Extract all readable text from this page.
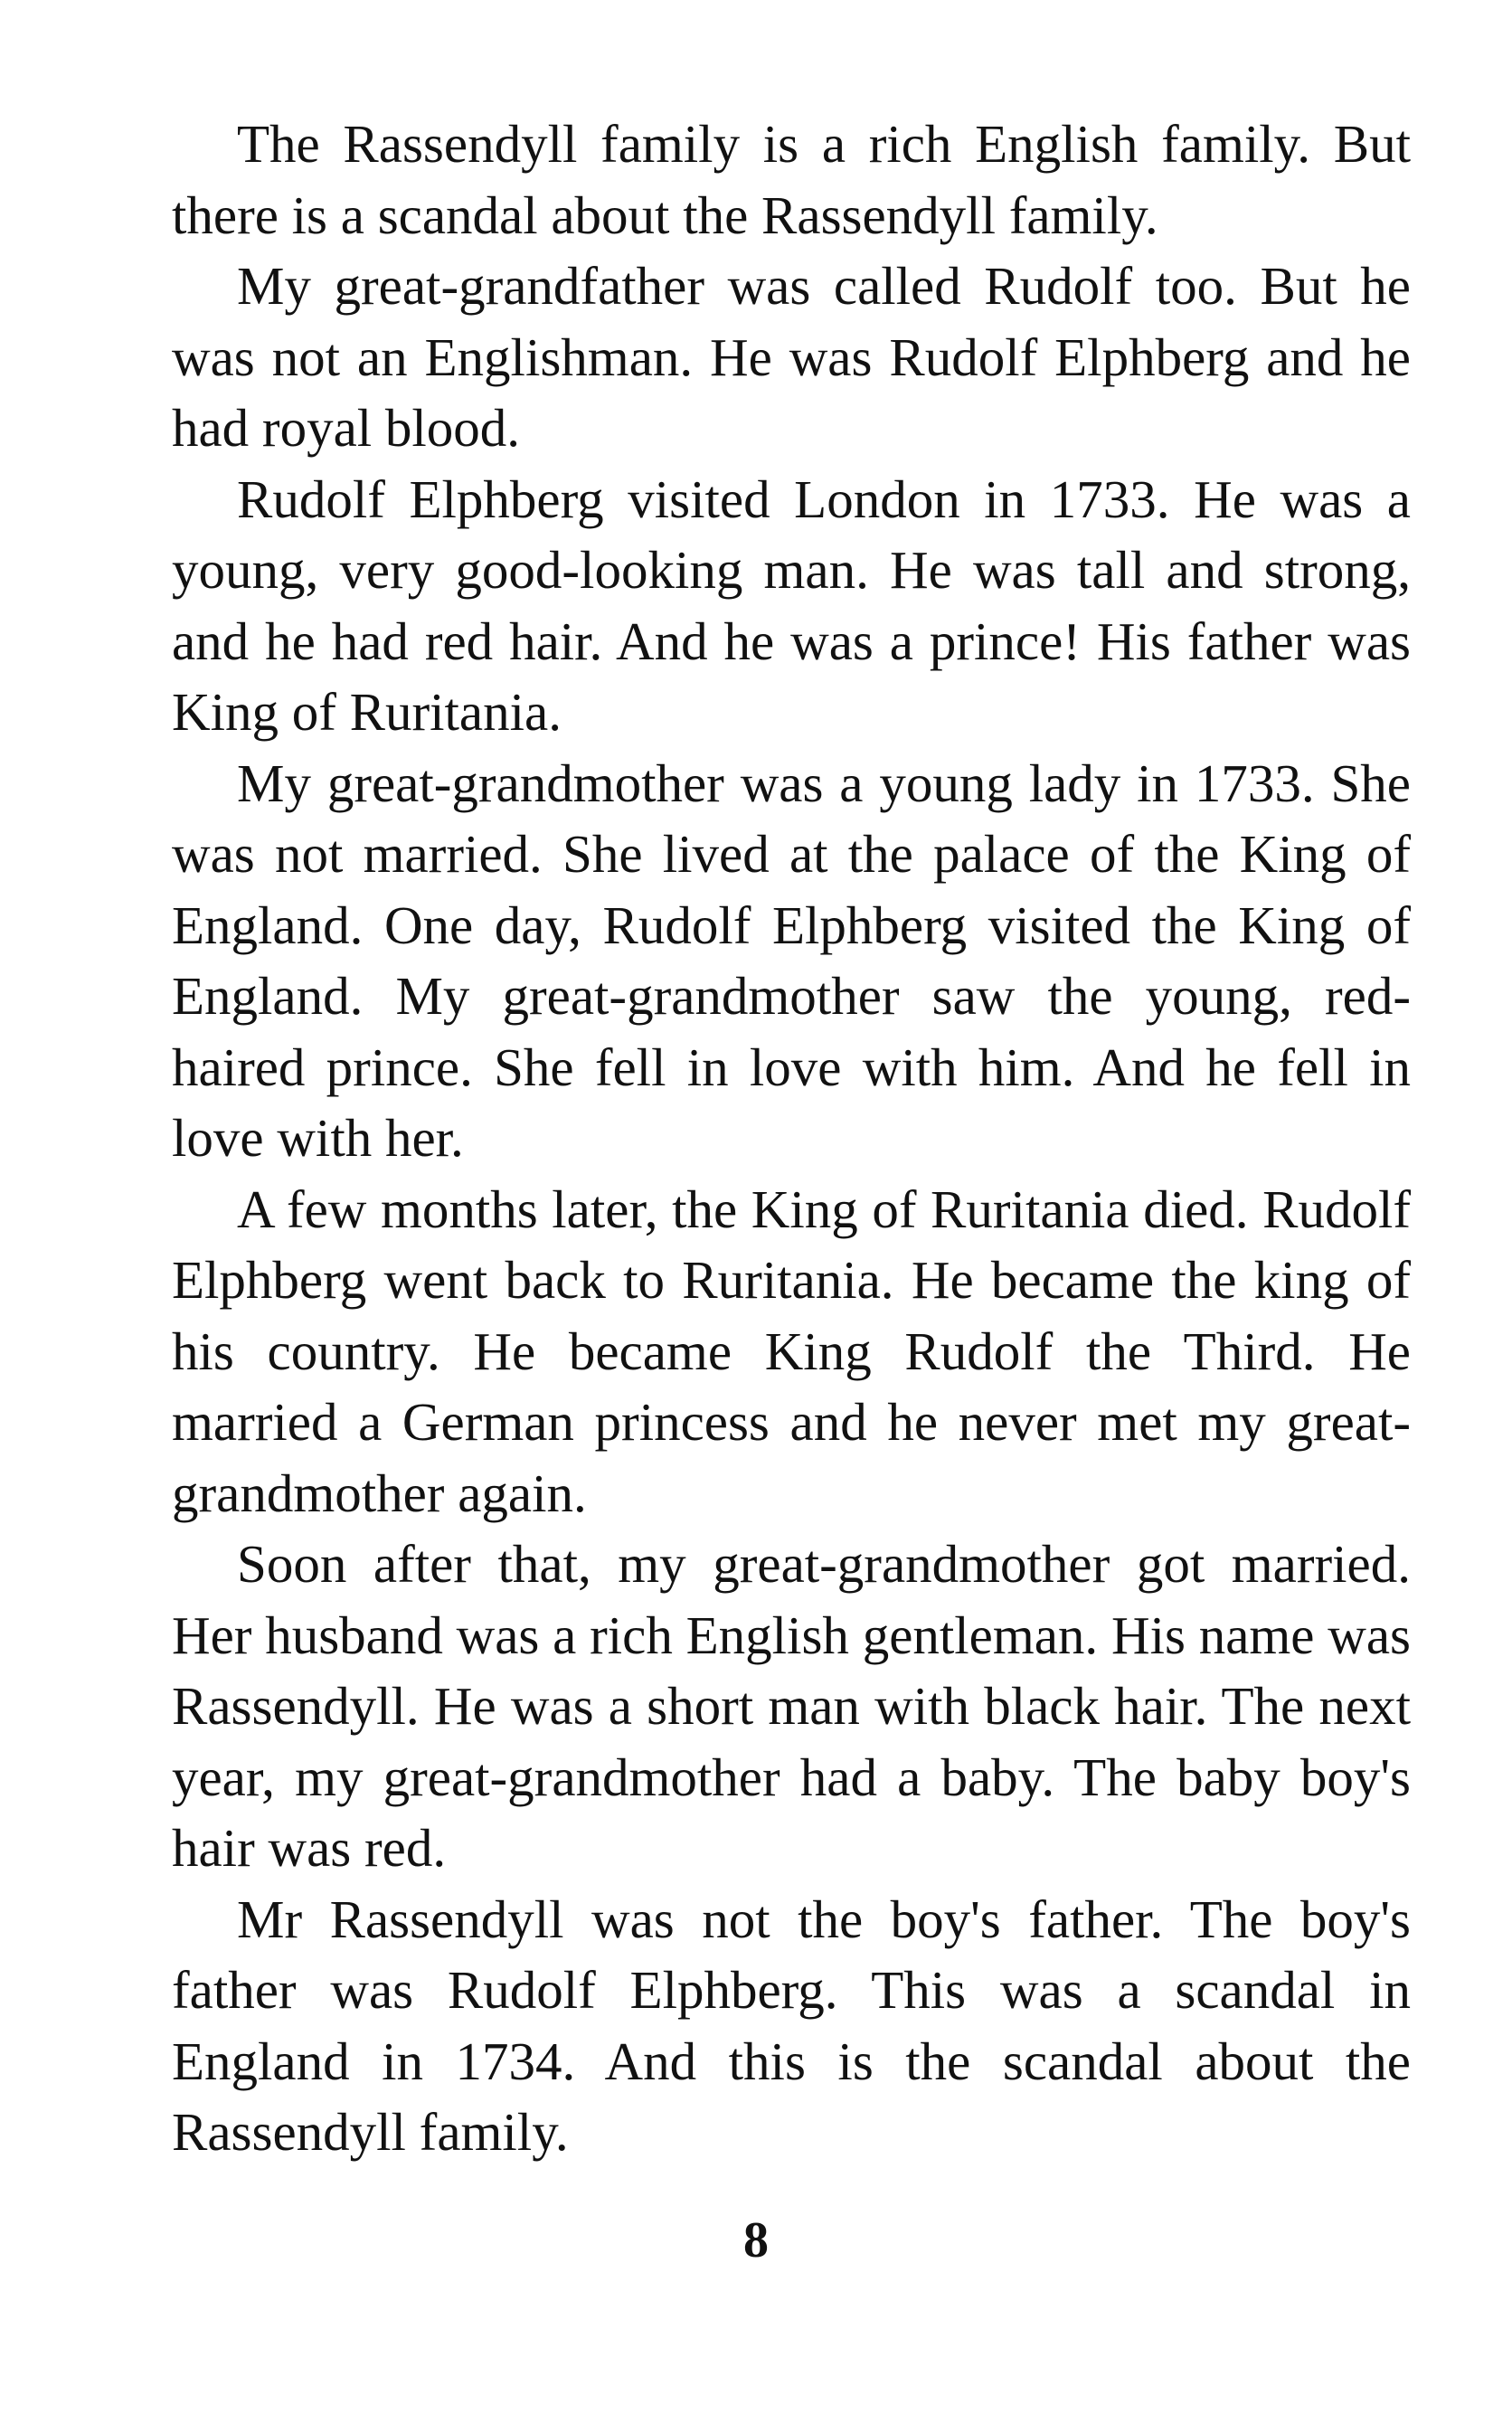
The Rassendyll family is a rich English family. But there is a scandal about the Rassendyll family.

My great-grandfather was called Rudolf too. But he was not an Englishman. He was Rudolf Elphberg and he had royal blood.

Rudolf Elphberg visited London in 1733. He was a young, very good-looking man. He was tall and strong, and he had red hair. And he was a prince! His father was King of Ruritania.

My great-grandmother was a young lady in 1733. She was not married. She lived at the palace of the King of England. One day, Rudolf Elphberg visited the King of England. My great-grandmother saw the young, red-haired prince. She fell in love with him. And he fell in love with her.

A few months later, the King of Ruritania died. Rudolf Elphberg went back to Ruritania. He became the king of his country. He became King Rudolf the Third. He married a German princess and he never met my great-grandmother again.

Soon after that, my great-grandmother got married. Her husband was a rich English gentleman. His name was Rassendyll. He was a short man with black hair. The next year, my great-grandmother had a baby. The baby boy's hair was red.

Mr Rassendyll was not the boy's father. The boy's father was Rudolf Elphberg. This was a scandal in England in 1734. And this is the scandal about the Rassendyll family.

8
